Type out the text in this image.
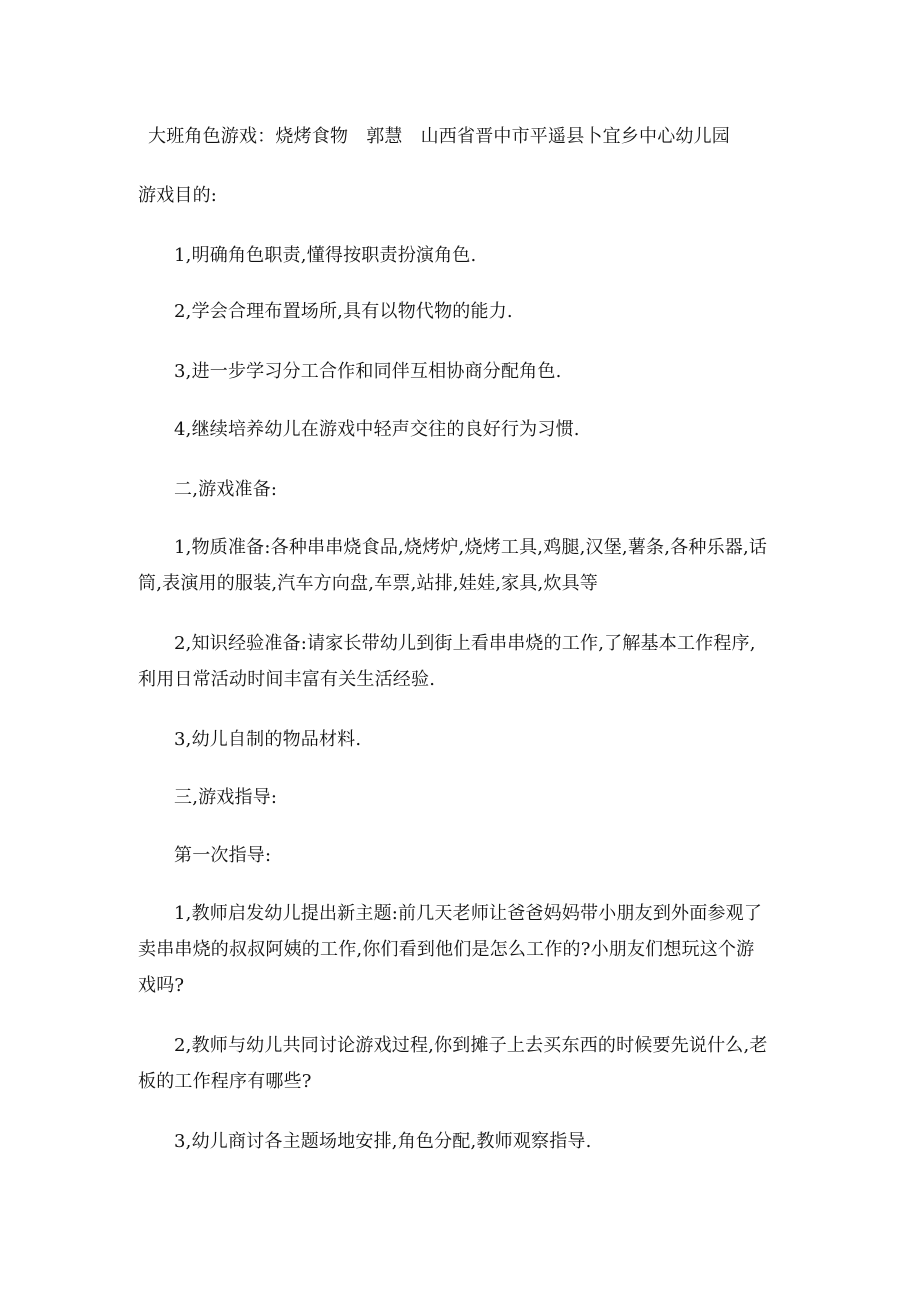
大班角色游戏：烧烤食物 郭慧 山西省晋中市平遥县卜宜乡中心幼儿园
游戏目的:
1,明确角色职责,懂得按职责扮演角色.
2,学会合理布置场所,具有以物代物的能力.
3,进一步学习分工合作和同伴互相协商分配角色.
4,继续培养幼儿在游戏中轻声交往的良好行为习惯.
二,游戏准备:
1,物质准备:各种串串烧食品,烧烤炉,烧烤工具,鸡腿,汉堡,薯条,各种乐器,话
筒,表演用的服装,汽车方向盘,车票,站排,娃娃,家具,炊具等
2,知识经验准备:请家长带幼儿到街上看串串烧的工作,了解基本工作程序,
利用日常活动时间丰富有关生活经验.
3,幼儿自制的物品材料.
三,游戏指导:
第一次指导:
1,教师启发幼儿提出新主题:前几天老师让爸爸妈妈带小朋友到外面参观了
卖串串烧的叔叔阿姨的工作,你们看到他们是怎么工作的?小朋友们想玩这个游
戏吗?
2,教师与幼儿共同讨论游戏过程,你到摊子上去买东西的时候要先说什么,老
板的工作程序有哪些?
3,幼儿商讨各主题场地安排,角色分配,教师观察指导.
